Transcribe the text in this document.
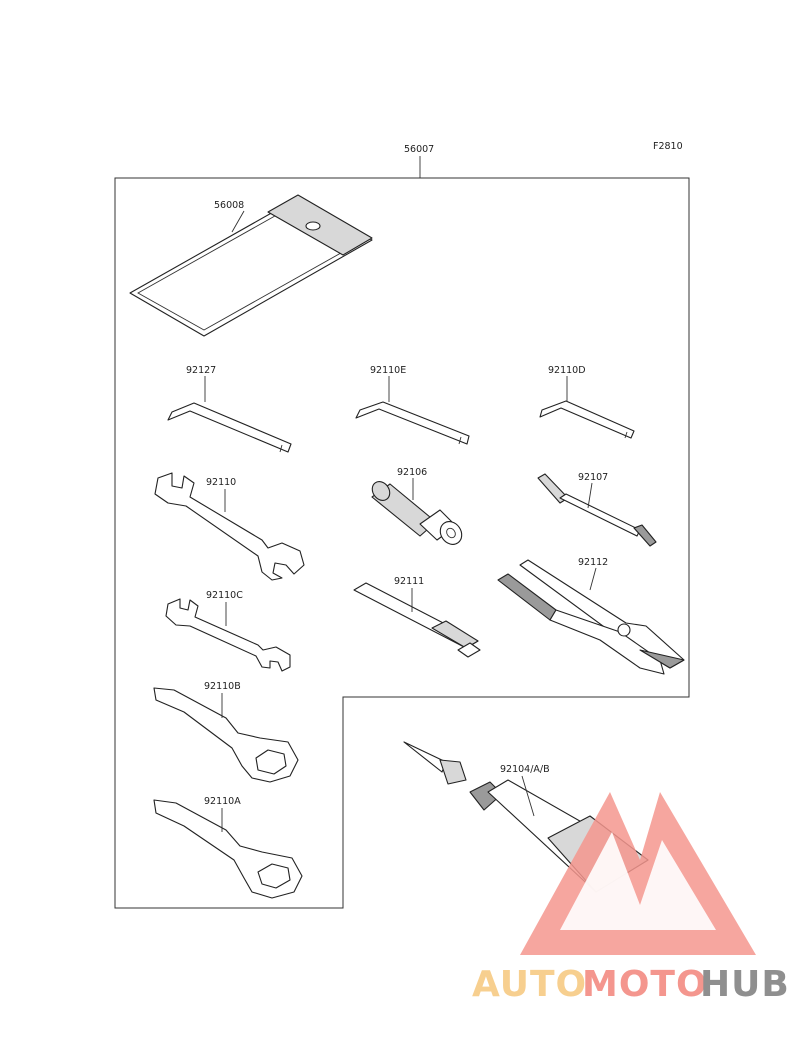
F2810
56007
56008
92127	92110E	92110D
92110
92106	92107
92112
92110C
92111
92110B
92110A
92104/A/B
AUTO
MOTO
HUB
